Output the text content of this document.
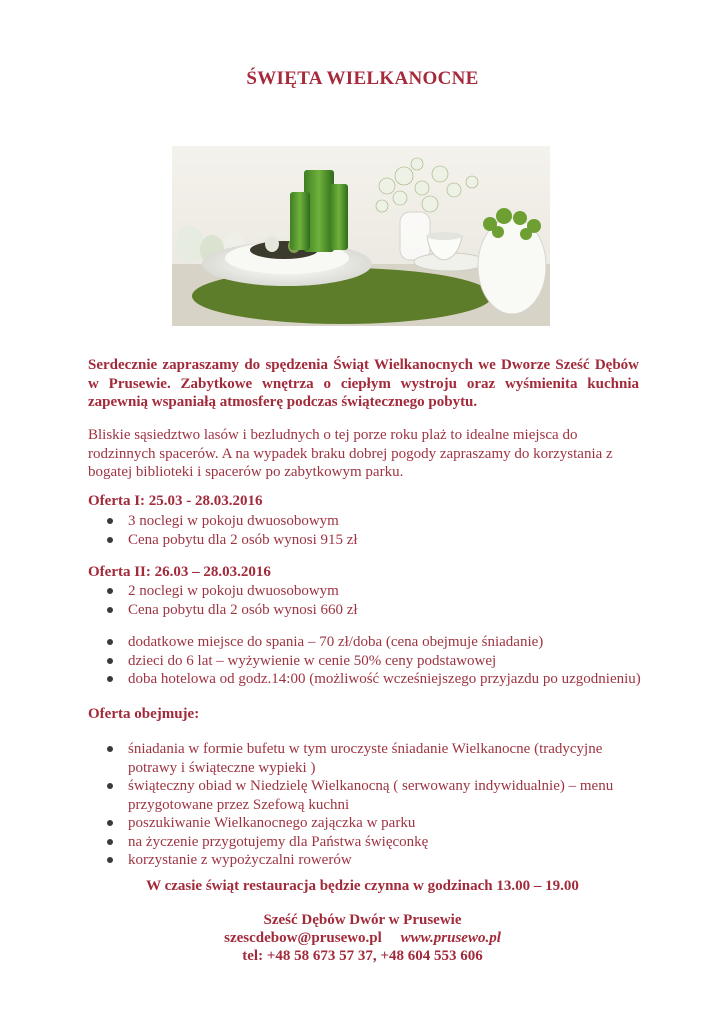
ŚWIĘTA WIELKANOCNE
Serdecznie zapraszamy do spędzenia Świąt Wielkanocnych we Dworze Sześć Dębów w Prusewie. Zabytkowe wnętrza o ciepłym wystroju oraz wyśmienita kuchnia zapewnią wspaniałą atmosferę podczas świątecznego pobytu.
Bliskie sąsiedztwo lasów i bezludnych o tej porze roku plaż to idealne miejsca do rodzinnych spacerów. A na wypadek braku dobrej pogody zapraszamy do korzystania z bogatej biblioteki i spacerów po zabytkowym parku.
Oferta I: 25.03 - 28.03.2016
3 noclegi w pokoju dwuosobowym
Cena pobytu dla 2 osób wynosi 915 zł
Oferta II: 26.03 – 28.03.2016
2 noclegi w pokoju dwuosobowym
Cena pobytu dla 2 osób wynosi 660 zł
dodatkowe miejsce do spania – 70 zł/doba (cena obejmuje śniadanie)
dzieci do 6 lat – wyżywienie w cenie 50% ceny podstawowej
doba hotelowa od godz.14:00 (możliwość wcześniejszego przyjazdu po uzgodnieniu)
Oferta obejmuje:
śniadania w formie bufetu w tym uroczyste śniadanie Wielkanocne (tradycyjne potrawy i świąteczne wypieki )
świąteczny obiad w Niedzielę Wielkanocną ( serwowany indywidualnie) – menu przygotowane przez Szefową kuchni
poszukiwanie Wielkanocnego zajączka w parku
na życzenie przygotujemy dla Państwa święconkę
korzystanie z wypożyczalni rowerów
W czasie świąt restauracja będzie czynna w godzinach 13.00 – 19.00
Sześć Dębów Dwór w Prusewie
szescdebow@prusewo.pl www.prusewo.pl
tel: +48 58 673 57 37, +48 604 553 606
